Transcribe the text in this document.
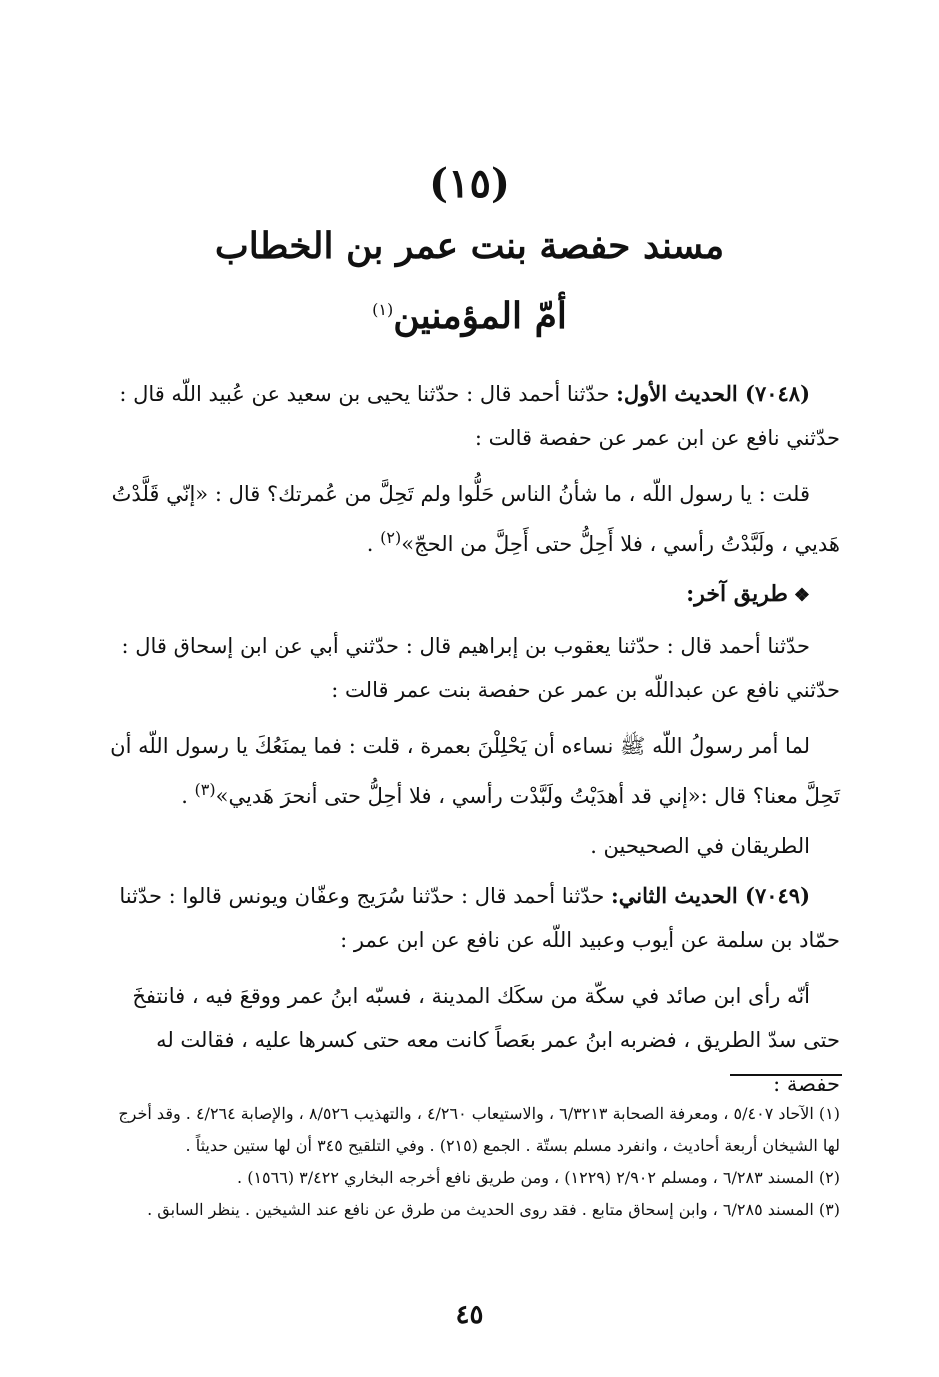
(١٥)
مسند حفصة بنت عمر بن الخطاب
أمّ المؤمنين$^{(١)}$

(٧٠٤٨) الحديث الأول: حدّثنا أحمد قال : حدّثنا يحيى بن سعيد عن عُبيد اللّه قال : حدّثني نافع عن ابن عمر عن حفصة قالت :

قلت : يا رسول اللّه ، ما شأنُ الناس حَلُّوا ولم تَحِلَّ من عُمرتك؟ قال : «إنّي قَلَّدْتُ هَديي ، ولَبَّدْتُ رأسي ، فلا أَحِلُّ حتى أَحِلَّ من الحجّ»$^{(٢)}$ .

❖طريق آخر:

حدّثنا أحمد قال : حدّثنا يعقوب بن إبراهيم قال : حدّثني أبي عن ابن إسحاق قال : حدّثني نافع عن عبداللّه بن عمر عن حفصة بنت عمر قالت :

لما أمر رسولُ اللّه ﷺ نساءه أن يَحْلِلْنَ بعمرة ، قلت : فما يمنَعُكَ يا رسول اللّه أن تَحِلَّ معنا؟ قال :«إني قد أهدَيْتُ ولَبَّدْت رأسي ، فلا أحِلُّ حتى أنحرَ هَديي»$^{(٣)}$ .

الطريقان في الصحيحين .

(٧٠٤٩) الحديث الثاني: حدّثنا أحمد قال : حدّثنا سُرَيج وعفّان ويونس قالوا : حدّثنا حمّاد بن سلمة عن أيوب وعبيد اللّه عن نافع عن ابن عمر :

أنّه رأى ابن صائد في سكّة من سكَك المدينة ، فسبّه ابنُ عمر ووقعَ فيه ، فانتفخَ حتى سدّ الطريق ، فضربه ابنُ عمر بعَصاً كانت معه حتى كسرها عليه ، فقالت له حفصة :

(١) الآحاد ٥/٤٠٧ ، ومعرفة الصحابة ٦/٣٢١٣ ، والاستيعاب ٤/٢٦٠ ، والتهذيب ٨/٥٢٦ ، والإصابة ٤/٢٦٤ . وقد أخرج لها الشيخان أربعة أحاديث ، وانفرد مسلم بستّة . الجمع (٢١٥) . وفي التلقيح ٣٤٥ أن لها ستين حديثاً .

(٢) المسند ٦/٢٨٣ ، ومسلم ٢/٩٠٢ (١٢٢٩) ، ومن طريق نافع أخرجه البخاري ٣/٤٢٢ (١٥٦٦) .

(٣) المسند ٦/٢٨٥ ، وابن إسحاق متابع . فقد روى الحديث من طرق عن نافع عند الشيخين . ينظر السابق .

٤٥
